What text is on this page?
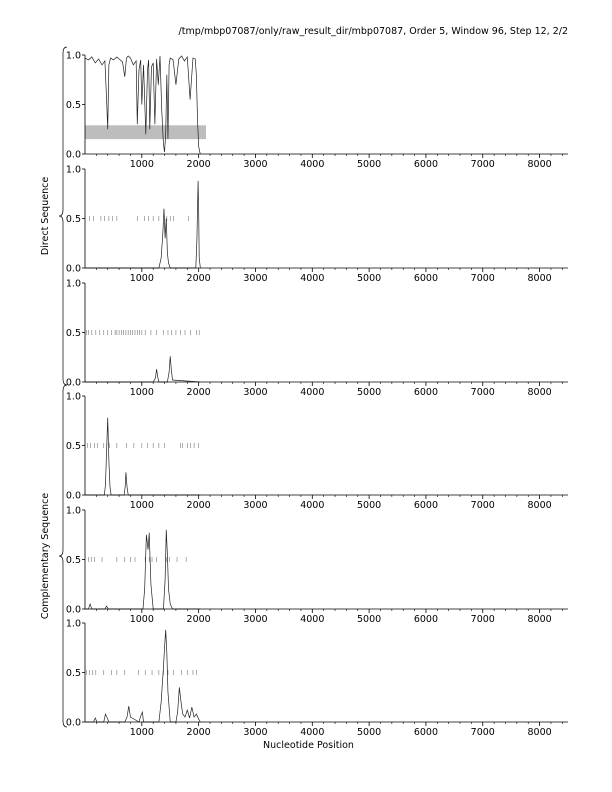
/tmp/mbp07087/only/raw_result_dir/mbp07087, Order 5, Window 96, Step 12, 2/2
0.0
0.5
1.0
1000	2000	3000	4000	5000	6000	7000	8000
0.0
0.5
1.0
1000	2000	3000	4000	5000	6000	7000	8000
0.0
0.5
1.0
1000	2000	3000	4000	5000	6000	7000	8000
0.0
0.5
1.0
1000	2000	3000	4000	5000	6000	7000	8000
0.0
0.5
1.0
1000	2000	3000	4000	5000	6000	7000	8000
0.0
0.5
1.0
1000	2000	3000	4000	5000	6000	7000	8000
Direct Sequence
Complementary Sequence
Nucleotide Position
